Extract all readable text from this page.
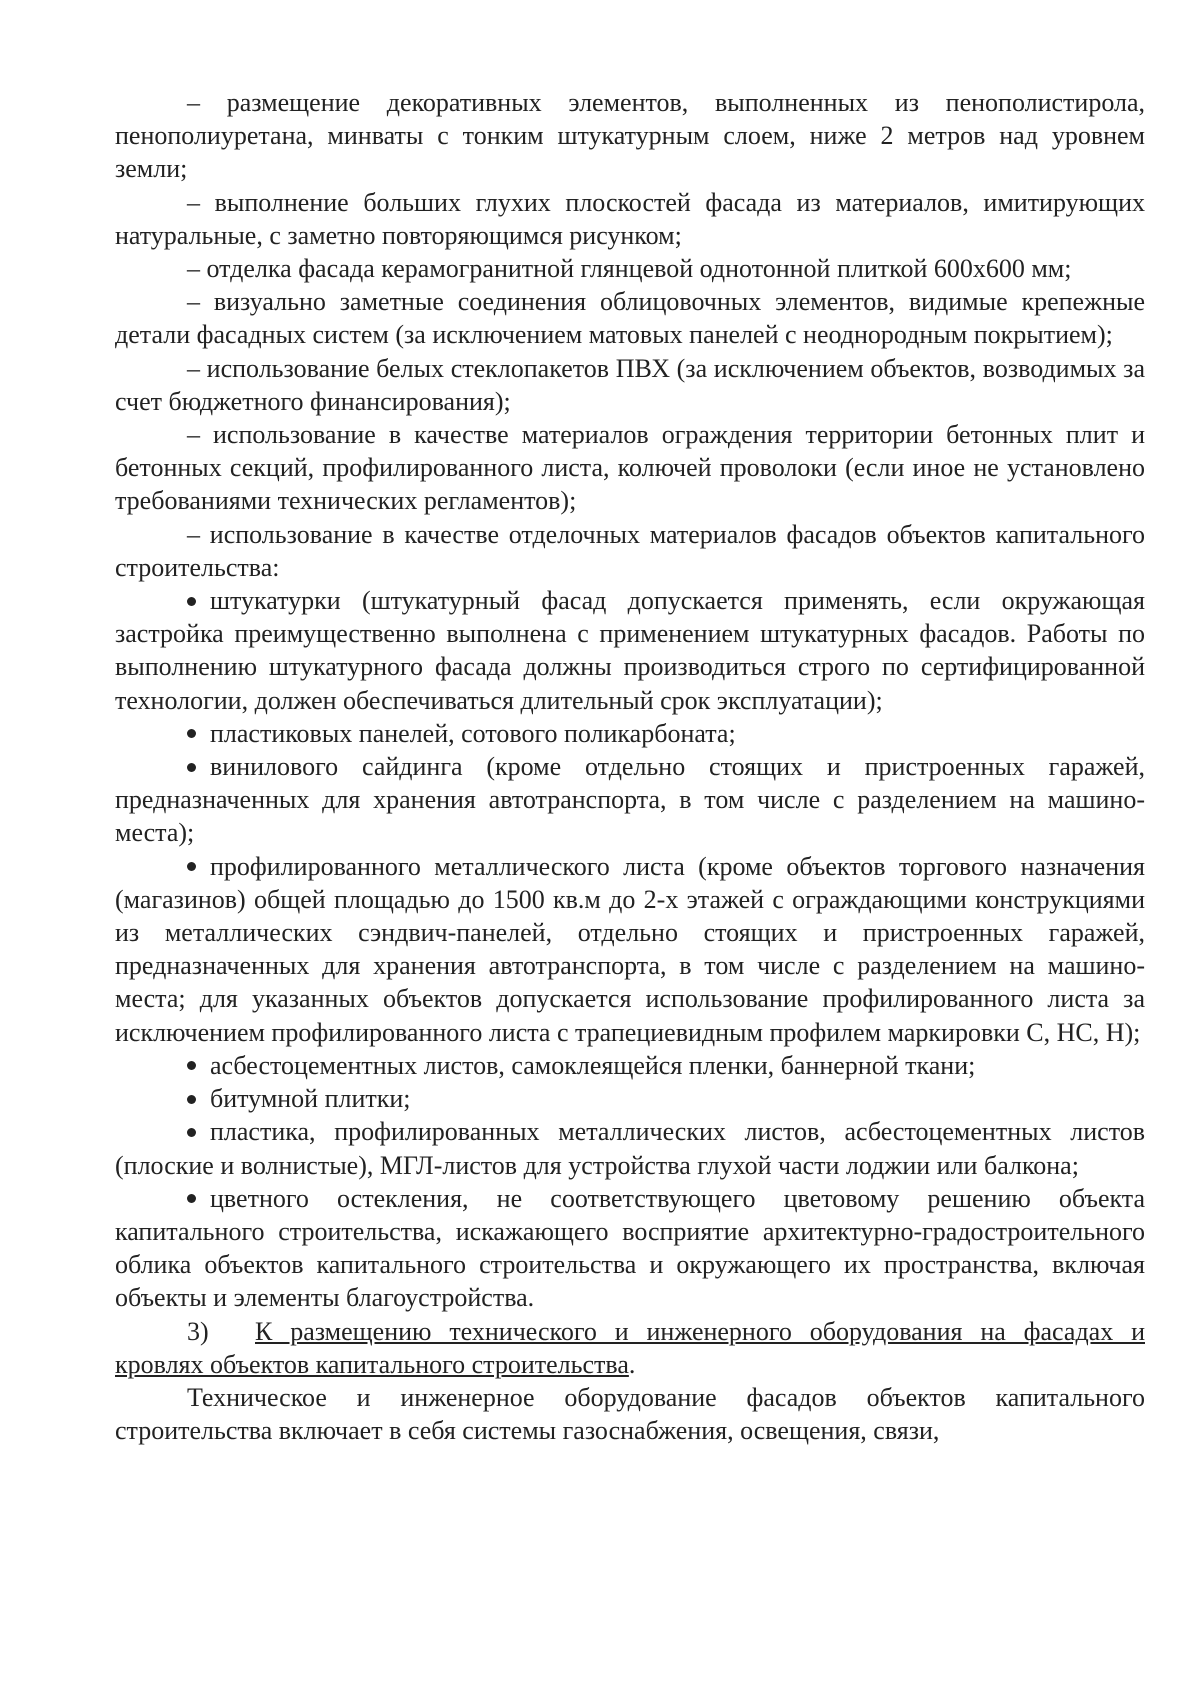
– размещение декоративных элементов, выполненных из пенополистирола, пенополиуретана, минваты с тонким штукатурным слоем, ниже 2 метров над уровнем земли;

– выполнение больших глухих плоскостей фасада из материалов, имитирующих натуральные, с заметно повторяющимся рисунком;

– отделка фасада керамогранитной глянцевой однотонной плиткой 600х600 мм;

– визуально заметные соединения облицовочных элементов, видимые крепежные детали фасадных систем (за исключением матовых панелей с неоднородным покрытием);

– использование белых стеклопакетов ПВХ (за исключением объектов, возводимых за счет бюджетного финансирования);

– использование в качестве материалов ограждения территории бетонных плит и бетонных секций, профилированного листа, колючей проволоки (если иное не установлено требованиями технических регламентов);

– использование в качестве отделочных материалов фасадов объектов капитального строительства:

штукатурки (штукатурный фасад допускается применять, если окружающая застройка преимущественно выполнена с применением штукатурных фасадов. Работы по выполнению штукатурного фасада должны производиться строго по сертифицированной технологии, должен обеспечиваться длительный срок эксплуатации);

пластиковых панелей, сотового поликарбоната;

винилового сайдинга (кроме отдельно стоящих и пристроенных гаражей, предназначенных для хранения автотранспорта, в том числе с разделением на машино-места);

профилированного металлического листа (кроме объектов торгового назначения (магазинов) общей площадью до 1500 кв.м до 2-х этажей с ограждающими конструкциями из металлических сэндвич-панелей, отдельно стоящих и пристроенных гаражей, предназначенных для хранения автотранспорта, в том числе с разделением на машино-места; для указанных объектов допускается использование профилированного листа за исключением профилированного листа с трапециевидным профилем маркировки С, НС, Н);

асбестоцементных листов, самоклеящейся пленки, баннерной ткани;

битумной плитки;

пластика, профилированных металлических листов, асбестоцементных листов (плоские и волнистые), МГЛ-листов для устройства глухой части лоджии или балкона;

цветного остекления, не соответствующего цветовому решению объекта капитального строительства, искажающего восприятие архитектурно-градостроительного облика объектов капитального строительства и окружающего их пространства, включая объекты и элементы благоустройства.

3) К размещению технического и инженерного оборудования на фасадах и кровлях объектов капитального строительства.

Техническое и инженерное оборудование фасадов объектов капитального строительства включает в себя системы газоснабжения, освещения, связи,
